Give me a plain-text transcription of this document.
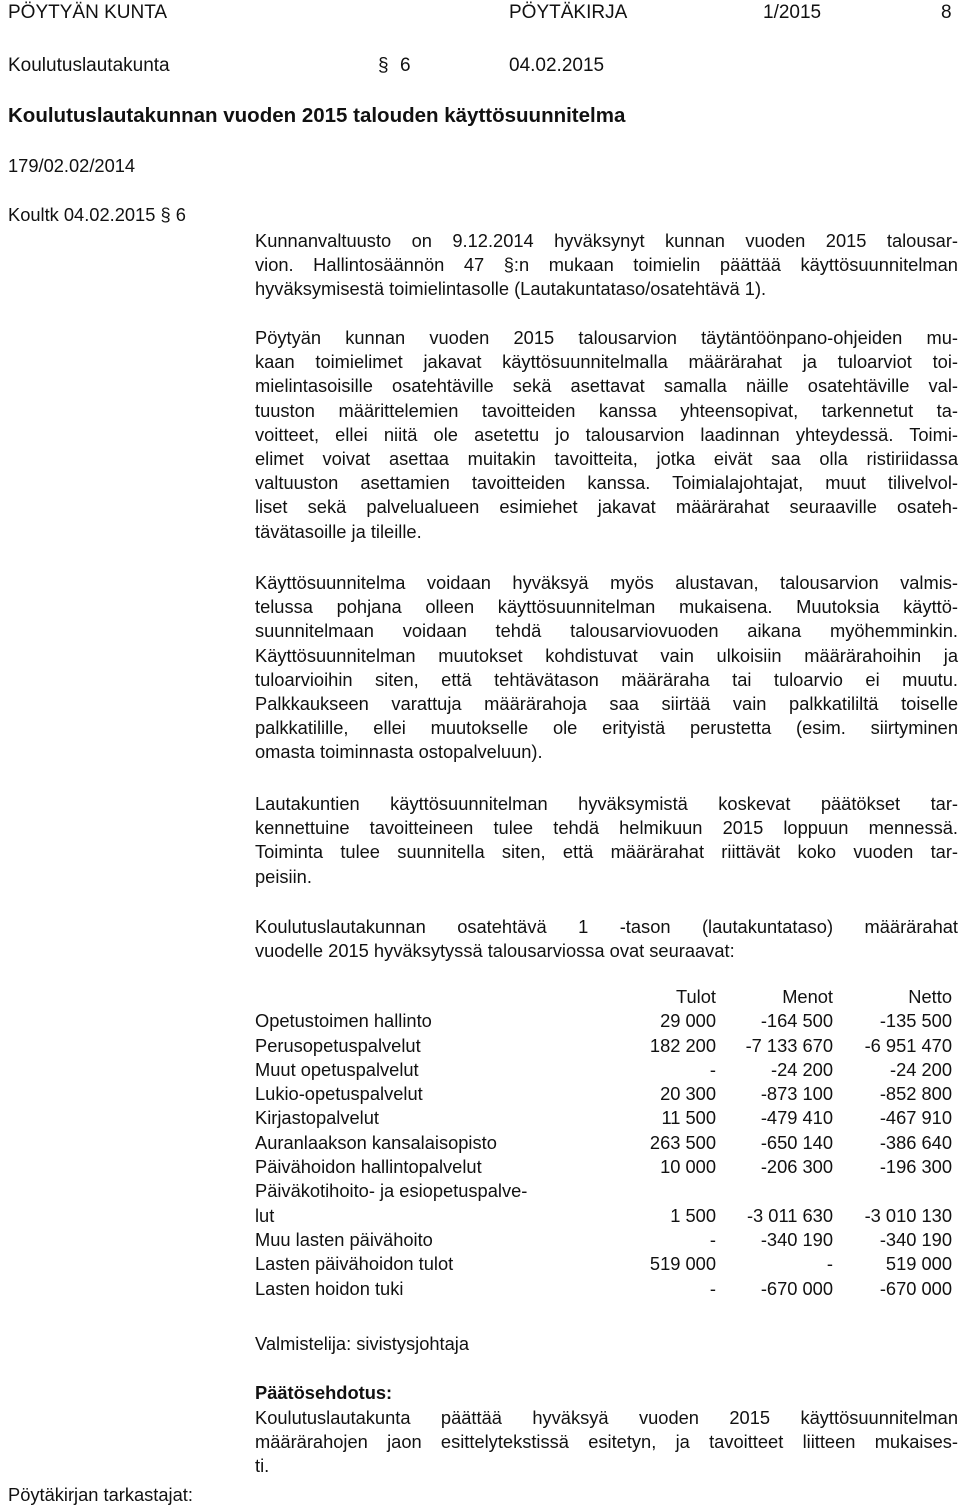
PÖYTYÄN KUNTA	PÖYTÄKIRJA	1/2015	8
Koulutuslautakunta	§ 6	04.02.2015
Koulutuslautakunnan vuoden 2015 talouden käyttösuunnitelma
179/02.02/2014
Koultk 04.02.2015 § 6

Kunnanvaltuusto on 9.12.2014 hyväksynyt kunnan vuoden 2015 talousar-
vion. Hallintosäännön 47 §:n mukaan toimielin päättää käyttösuunnitelman
hyväksymisestä toimielintasolle (Lautakuntataso/osatehtävä 1).

Pöytyän kunnan vuoden 2015 talousarvion täytäntöönpano-ohjeiden mu-
kaan toimielimet jakavat käyttösuunnitelmalla määrärahat ja tuloarviot toi-
mielintasoisille osatehtäville sekä asettavat samalla näille osatehtäville val-
tuuston määrittelemien tavoitteiden kanssa yhteensopivat, tarkennetut ta-
voitteet, ellei niitä ole asetettu jo talousarvion laadinnan yhteydessä. Toimi-
elimet voivat asettaa muitakin tavoitteita, jotka eivät saa olla ristiriidassa
valtuuston asettamien tavoitteiden kanssa. Toimialajohtajat, muut tilivelvol-
liset sekä palvelualueen esimiehet jakavat määrärahat seuraaville osateh-
tävätasoille ja tileille.

Käyttösuunnitelma voidaan hyväksyä myös alustavan, talousarvion valmis-
telussa pohjana olleen käyttösuunnitelman mukaisena. Muutoksia käyttö-
suunnitelmaan voidaan tehdä talousarviovuoden aikana myöhemminkin.
Käyttösuunnitelman muutokset kohdistuvat vain ulkoisiin määrärahoihin ja
tuloarvioihin siten, että tehtävätason määräraha tai tuloarvio ei muutu.
Palkkaukseen varattuja määrärahoja saa siirtää vain palkkatililtä toiselle
palkkatilille, ellei muutokselle ole erityistä perustetta (esim. siirtyminen
omasta toiminnasta ostopalveluun).

Lautakuntien käyttösuunnitelman hyväksymistä koskevat päätökset tar-
kennettuine tavoitteineen tulee tehdä helmikuun 2015 loppuun mennessä.
Toiminta tulee suunnitella siten, että määrärahat riittävät koko vuoden tar-
peisiin.

Koulutuslautakunnan osatehtävä 1 -tason (lautakuntataso) määrärahat
vuodelle 2015 hyväksytyssä talousarviossa ovat seuraavat:

	Tulot	Menot	Netto
Opetustoimen hallinto	29 000	-164 500	-135 500
Perusopetuspalvelut	182 200	-7 133 670	-6 951 470
Muut opetuspalvelut	-	-24 200	-24 200
Lukio-opetuspalvelut	20 300	-873 100	-852 800
Kirjastopalvelut	11 500	-479 410	-467 910
Auranlaakson kansalaisopisto	263 500	-650 140	-386 640
Päivähoidon hallintopalvelut	10 000	-206 300	-196 300
Päiväkotihoito- ja esiopetuspalve-
lut	1 500	-3 011 630	-3 010 130
Muu lasten päivähoito	-	-340 190	-340 190
Lasten päivähoidon tulot	519 000	-	519 000
Lasten hoidon tuki	-	-670 000	-670 000
Valmistelija: sivistysjohtaja
Päätösehdotus:

Koulutuslautakunta päättää hyväksyä vuoden 2015 käyttösuunnitelman
määrärahojen jaon esittelytekstissä esitetyn, ja tavoitteet liitteen mukaises-
ti.

Pöytäkirjan tarkastajat:
